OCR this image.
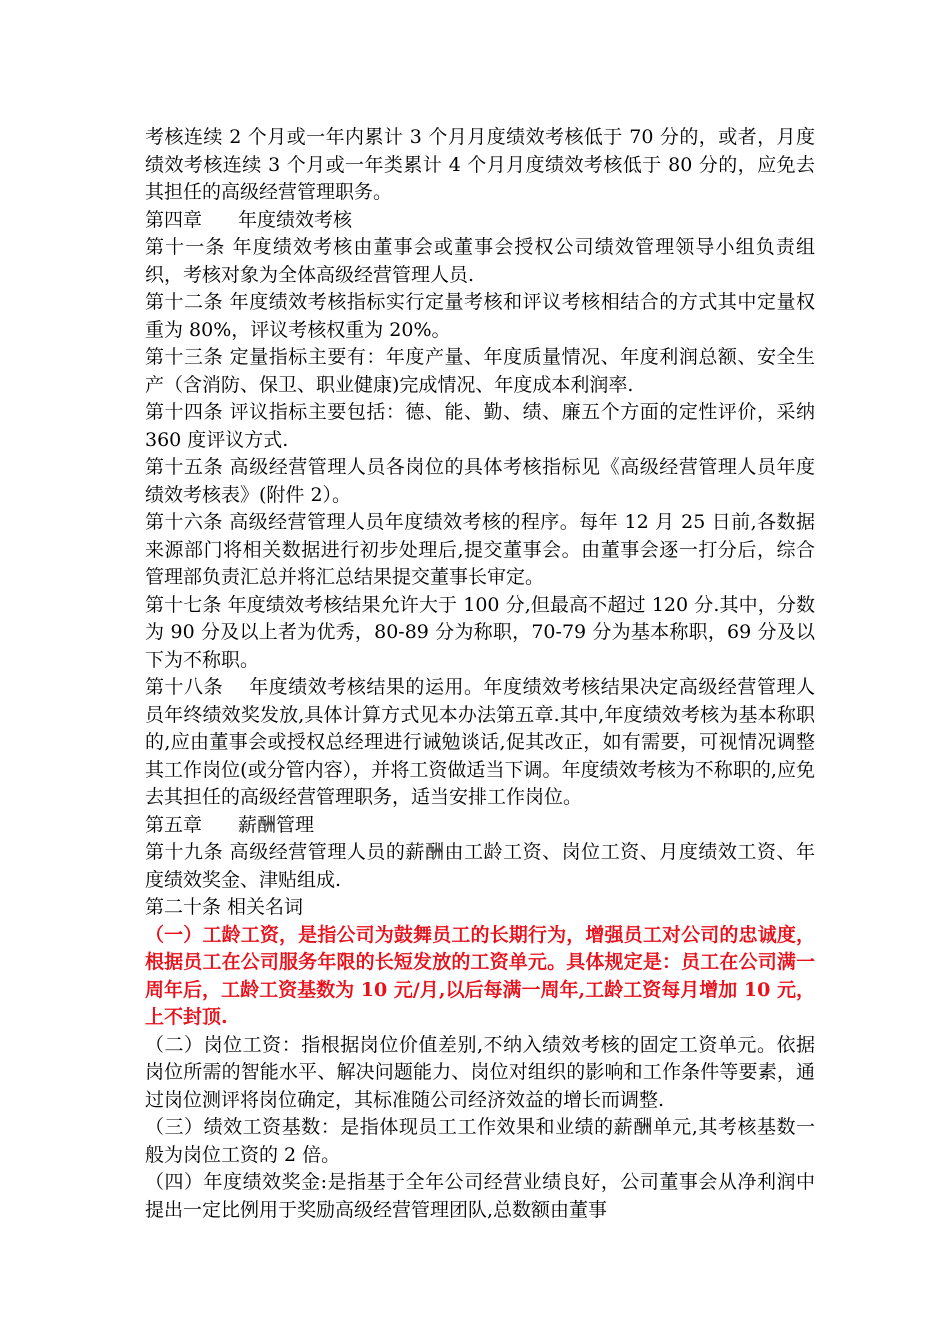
考核连续 2 个月或一年内累计 3 个月月度绩效考核低于 70 分的，或者，月度绩效考核连续 3 个月或一年类累计 4 个月月度绩效考核低于 80 分的，应免去其担任的高级经营管理职务。

第四章 年度绩效考核

第十一条 年度绩效考核由董事会或董事会授权公司绩效管理领导小组负责组织，考核对象为全体高级经营管理人员.

第十二条 年度绩效考核指标实行定量考核和评议考核相结合的方式其中定量权重为 80%，评议考核权重为 20%。

第十三条 定量指标主要有：年度产量、年度质量情况、年度利润总额、安全生产（含消防、保卫、职业健康)完成情况、年度成本利润率.

第十四条 评议指标主要包括：德、能、勤、绩、廉五个方面的定性评价，采纳 360 度评议方式.

第十五条 高级经营管理人员各岗位的具体考核指标见《高级经营管理人员年度绩效考核表》(附件 2）。

第十六条 高级经营管理人员年度绩效考核的程序。每年 12 月 25 日前,各数据来源部门将相关数据进行初步处理后,提交董事会。由董事会逐一打分后，综合管理部负责汇总并将汇总结果提交董事长审定。

第十七条 年度绩效考核结果允许大于 100 分,但最高不超过 120 分.其中，分数为 90 分及以上者为优秀，80-89 分为称职，70-79 分为基本称职，69 分及以下为不称职。

第十八条　 年度绩效考核结果的运用。年度绩效考核结果决定高级经营管理人员年终绩效奖发放,具体计算方式见本办法第五章.其中,年度绩效考核为基本称职的,应由董事会或授权总经理进行诫勉谈话,促其改正，如有需要，可视情况调整其工作岗位(或分管内容），并将工资做适当下调。年度绩效考核为不称职的,应免去其担任的高级经营管理职务，适当安排工作岗位。

第五章 薪酬管理

第十九条 高级经营管理人员的薪酬由工龄工资、岗位工资、月度绩效工资、年度绩效奖金、津贴组成.

第二十条 相关名词

（一）工龄工资，是指公司为鼓舞员工的长期行为，增强员工对公司的忠诚度，根据员工在公司服务年限的长短发放的工资单元。具体规定是：员工在公司满一周年后，工龄工资基数为 10 元/月,以后每满一周年,工龄工资每月增加 10 元，上不封顶.

（二）岗位工资：指根据岗位价值差别,不纳入绩效考核的固定工资单元。依据岗位所需的智能水平、解决问题能力、岗位对组织的影响和工作条件等要素，通过岗位测评将岗位确定，其标准随公司经济效益的增长而调整.

（三）绩效工资基数：是指体现员工工作效果和业绩的薪酬单元,其考核基数一般为岗位工资的 2 倍。

（四）年度绩效奖金:是指基于全年公司经营业绩良好，公司董事会从净利润中提出一定比例用于奖励高级经营管理团队,总数额由董事
